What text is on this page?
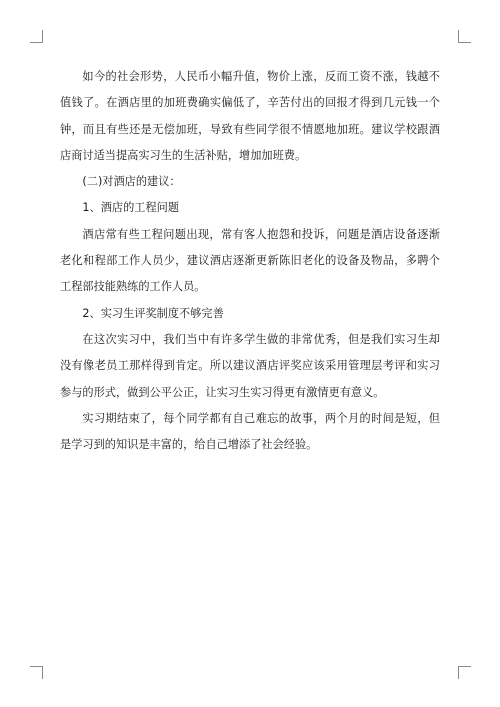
如今的社会形势，人民币小幅升值，物价上涨，反而工资不涨，钱越不值钱了。在酒店里的加班费确实偏低了，辛苦付出的回报才得到几元钱一个钟，而且有些还是无偿加班，导致有些同学很不情愿地加班。建议学校跟酒店商讨适当提高实习生的生活补贴，增加加班费。

(二)对酒店的建议：

1、酒店的工程问题

酒店常有些工程问题出现，常有客人抱怨和投诉，问题是酒店设备逐渐老化和程部工作人员少，建议酒店逐渐更新陈旧老化的设备及物品，多聘个工程部技能熟练的工作人员。

2、实习生评奖制度不够完善

在这次实习中，我们当中有许多学生做的非常优秀，但是我们实习生却没有像老员工那样得到肯定。所以建议酒店评奖应该采用管理层考评和实习参与的形式，做到公平公正，让实习生实习得更有激情更有意义。

实习期结束了，每个同学都有自己难忘的故事，两个月的时间是短，但是学习到的知识是丰富的，给自己增添了社会经验。
